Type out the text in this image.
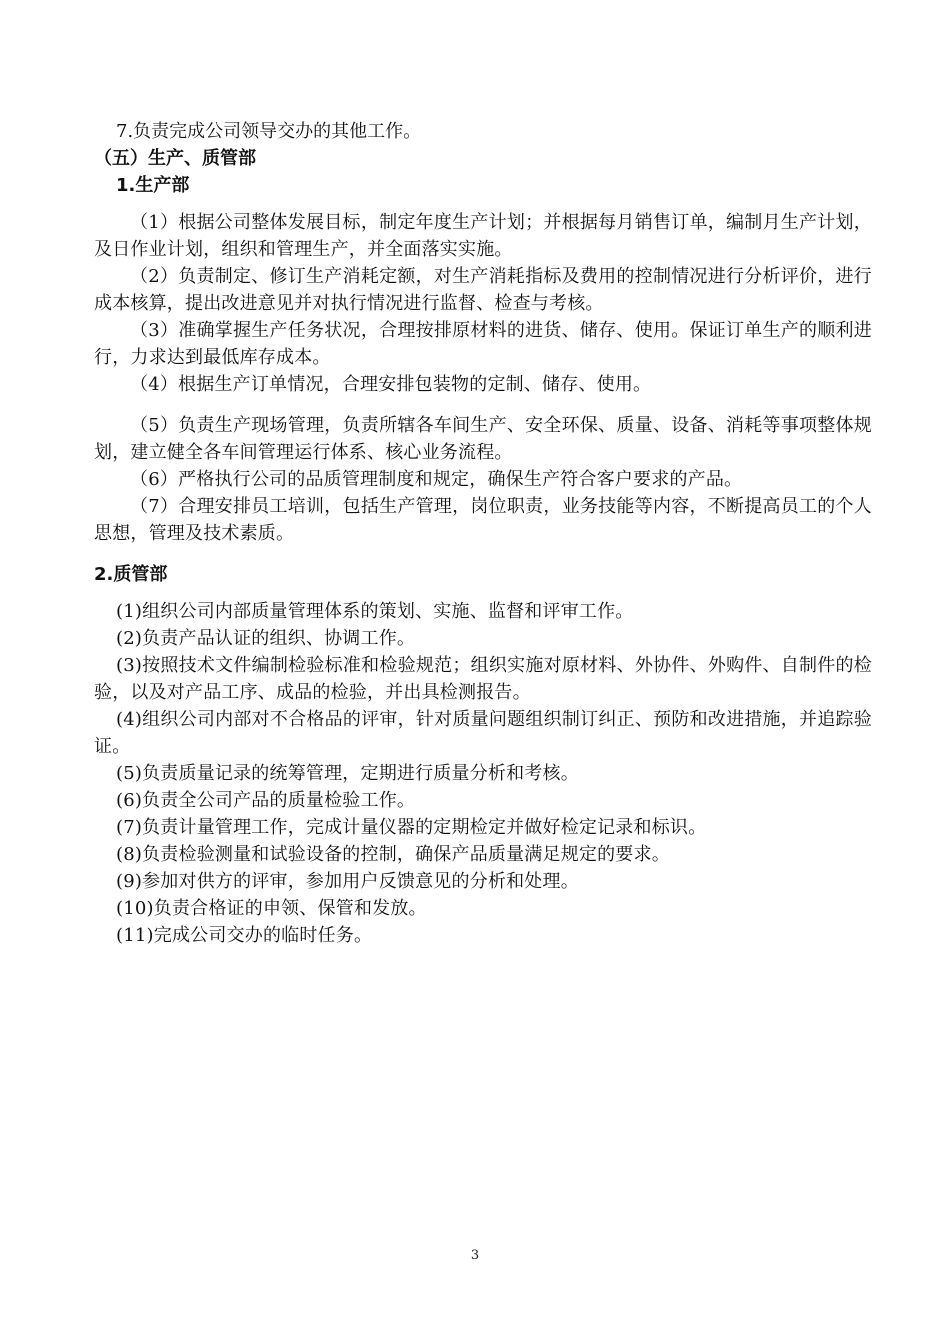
7.负责完成公司领导交办的其他工作。

（五）生产、质管部

1.生产部

（1）根据公司整体发展目标，制定年度生产计划；并根据每月销售订单，编制月生产计划，及日作业计划，组织和管理生产，并全面落实实施。

（2）负责制定、修订生产消耗定额，对生产消耗指标及费用的控制情况进行分析评价，进行成本核算，提出改进意见并对执行情况进行监督、检查与考核。

（3）准确掌握生产任务状况，合理按排原材料的进货、储存、使用。保证订单生产的顺利进行，力求达到最低库存成本。

（4）根据生产订单情况，合理安排包装物的定制、储存、使用。

（5）负责生产现场管理，负责所辖各车间生产、安全环保、质量、设备、消耗等事项整体规划，建立健全各车间管理运行体系、核心业务流程。

（6）严格执行公司的品质管理制度和规定，确保生产符合客户要求的产品。

（7）合理安排员工培训，包括生产管理，岗位职责，业务技能等内容，不断提高员工的个人思想，管理及技术素质。

2.质管部

(1)组织公司内部质量管理体系的策划、实施、监督和评审工作。

(2)负责产品认证的组织、协调工作。

(3)按照技术文件编制检验标准和检验规范；组织实施对原材料、外协件、外购件、自制件的检验，以及对产品工序、成品的检验，并出具检测报告。

(4)组织公司内部对不合格品的评审，针对质量问题组织制订纠正、预防和改进措施，并追踪验证。

(5)负责质量记录的统筹管理，定期进行质量分析和考核。

(6)负责全公司产品的质量检验工作。

(7)负责计量管理工作，完成计量仪器的定期检定并做好检定记录和标识。

(8)负责检验测量和试验设备的控制，确保产品质量满足规定的要求。

(9)参加对供方的评审，参加用户反馈意见的分析和处理。

(10)负责合格证的申领、保管和发放。

(11)完成公司交办的临时任务。

3
